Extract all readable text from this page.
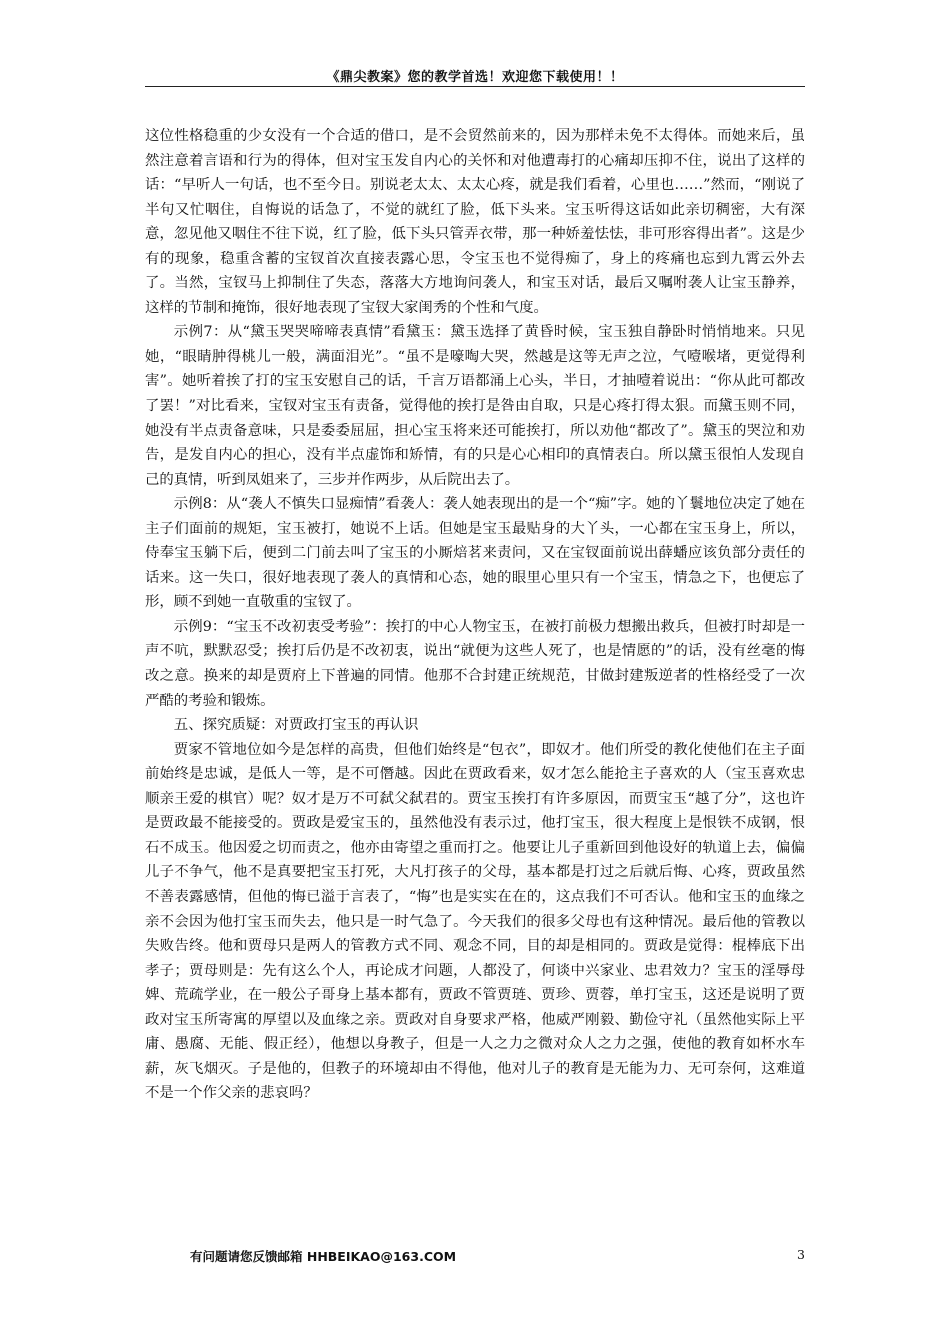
《鼎尖教案》您的教学首选！欢迎您下载使用！！

这位性格稳重的少女没有一个合适的借口，是不会贸然前来的，因为那样未免不太得体。而她来后，虽然注意着言语和行为的得体，但对宝玉发自内心的关怀和对他遭毒打的心痛却压抑不住，说出了这样的话：“早听人一句话，也不至今日。别说老太太、太太心疼，就是我们看着，心里也……”然而，“刚说了半句又忙咽住，自悔说的话急了，不觉的就红了脸，低下头来。宝玉听得这话如此亲切稠密，大有深意，忽见他又咽住不往下说，红了脸，低下头只管弄衣带，那一种娇羞怯怯，非可形容得出者”。这是少有的现象，稳重含蓄的宝钗首次直接表露心思，令宝玉也不觉得痴了，身上的疼痛也忘到九霄云外去了。当然，宝钗马上抑制住了失态，落落大方地询问袭人，和宝玉对话，最后又嘱咐袭人让宝玉静养，这样的节制和掩饰，很好地表现了宝钗大家闺秀的个性和气度。

示例7：从“黛玉哭哭啼啼表真情”看黛玉：黛玉选择了黄昏时候，宝玉独自静卧时悄悄地来。只见她，“眼睛肿得桃儿一般，满面泪光”。“虽不是嚎啕大哭，然越是这等无声之泣，气噎喉堵，更觉得利害”。她听着挨了打的宝玉安慰自己的话，千言万语都涌上心头，半日，才抽噎着说出：“你从此可都改了罢！”对比看来，宝钗对宝玉有责备，觉得他的挨打是咎由自取，只是心疼打得太狠。而黛玉则不同，她没有半点责备意味，只是委委屈屈，担心宝玉将来还可能挨打，所以劝他“都改了”。黛玉的哭泣和劝告，是发自内心的担心，没有半点虚饰和矫情，有的只是心心相印的真情表白。所以黛玉很怕人发现自己的真情，听到凤姐来了，三步并作两步，从后院出去了。

示例8：从“袭人不慎失口显痴情”看袭人：袭人她表现出的是一个“痴”字。她的丫鬟地位决定了她在主子们面前的规矩，宝玉被打，她说不上话。但她是宝玉最贴身的大丫头，一心都在宝玉身上，所以，侍奉宝玉躺下后，便到二门前去叫了宝玉的小厮焙茗来责问，又在宝钗面前说出薛蟠应该负部分责任的话来。这一失口，很好地表现了袭人的真情和心态，她的眼里心里只有一个宝玉，情急之下，也便忘了形，顾不到她一直敬重的宝钗了。

示例9：“宝玉不改初衷受考验”：挨打的中心人物宝玉，在被打前极力想搬出救兵，但被打时却是一声不吭，默默忍受；挨打后仍是不改初衷，说出“就便为这些人死了，也是情愿的”的话，没有丝毫的悔改之意。换来的却是贾府上下普遍的同情。他那不合封建正统规范，甘做封建叛逆者的性格经受了一次严酷的考验和锻炼。

五、探究质疑：对贾政打宝玉的再认识

贾家不管地位如今是怎样的高贵，但他们始终是“包衣”，即奴才。他们所受的教化使他们在主子面前始终是忠诚，是低人一等，是不可僭越。因此在贾政看来，奴才怎么能抢主子喜欢的人（宝玉喜欢忠顺亲王爱的棋官）呢？奴才是万不可弑父弑君的。贾宝玉挨打有许多原因，而贾宝玉“越了分”，这也许是贾政最不能接受的。贾政是爱宝玉的，虽然他没有表示过，他打宝玉，很大程度上是恨铁不成钢，恨石不成玉。他因爱之切而责之，他亦由寄望之重而打之。他要让儿子重新回到他设好的轨道上去，偏偏儿子不争气，他不是真要把宝玉打死，大凡打孩子的父母，基本都是打过之后就后悔、心疼，贾政虽然不善表露感情，但他的悔已溢于言表了，“悔”也是实实在在的，这点我们不可否认。他和宝玉的血缘之亲不会因为他打宝玉而失去，他只是一时气急了。今天我们的很多父母也有这种情况。最后他的管教以失败告终。他和贾母只是两人的管教方式不同、观念不同，目的却是相同的。贾政是觉得：棍棒底下出孝子；贾母则是：先有这么个人，再论成才问题，人都没了，何谈中兴家业、忠君效力？宝玉的淫辱母婢、荒疏学业，在一般公子哥身上基本都有，贾政不管贾琏、贾珍、贾蓉，单打宝玉，这还是说明了贾政对宝玉所寄寓的厚望以及血缘之亲。贾政对自身要求严格，他威严刚毅、勤俭守礼（虽然他实际上平庸、愚腐、无能、假正经），他想以身教子，但是一人之力之微对众人之力之强，使他的教育如杯水车薪，灰飞烟灭。子是他的，但教子的环境却由不得他，他对儿子的教育是无能为力、无可奈何，这难道不是一个作父亲的悲哀吗？

有问题请您反馈邮箱 HHBEIKAO@163.COM	3
